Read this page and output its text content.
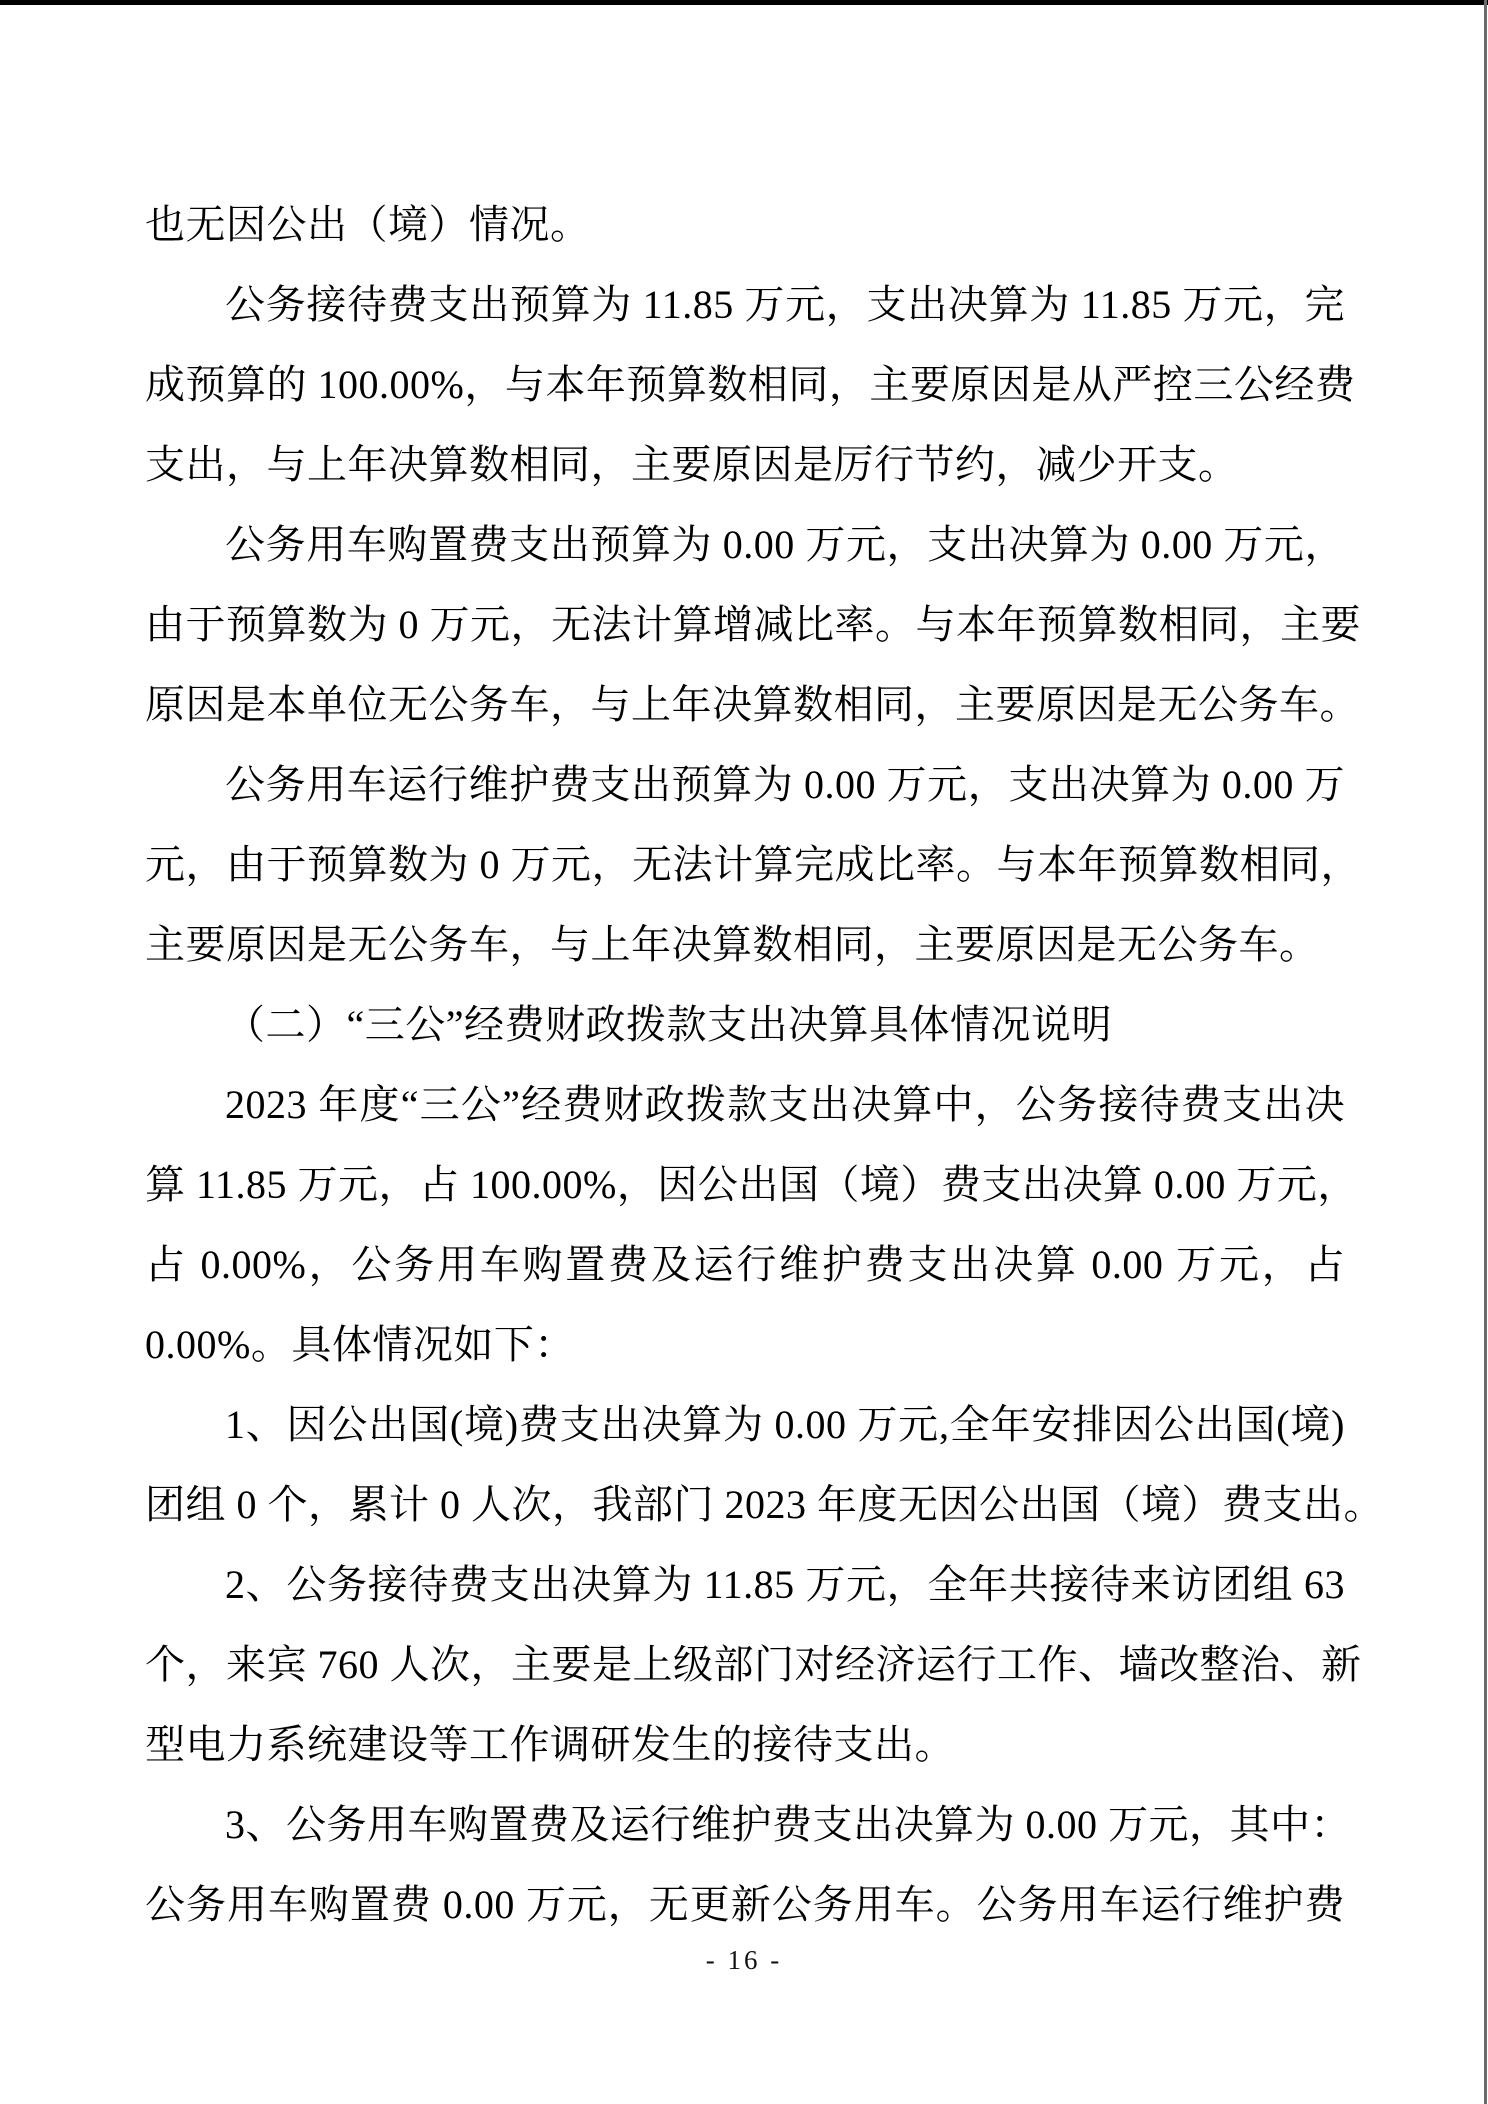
也无因公出（境）情况。
公务接待费支出预算为 11.85 万元，支出决算为 11.85 万元，完
成预算的 100.00%，与本年预算数相同，主要原因是从严控三公经费
支出，与上年决算数相同，主要原因是厉行节约，减少开支。
公务用车购置费支出预算为 0.00 万元，支出决算为 0.00 万元，
由于预算数为 0 万元，无法计算增减比率。与本年预算数相同，主要
原因是本单位无公务车，与上年决算数相同，主要原因是无公务车。
公务用车运行维护费支出预算为 0.00 万元，支出决算为 0.00 万
元，由于预算数为 0 万元，无法计算完成比率。与本年预算数相同，
主要原因是无公务车，与上年决算数相同，主要原因是无公务车。
（二）“三公”经费财政拨款支出决算具体情况说明
2023 年度“三公”经费财政拨款支出决算中，公务接待费支出决
算 11.85 万元，占 100.00%，因公出国（境）费支出决算 0.00 万元，
占 0.00%，公务用车购置费及运行维护费支出决算 0.00 万元，占
0.00%。具体情况如下：
1、因公出国(境)费支出决算为 0.00 万元,全年安排因公出国(境)
团组 0 个，累计 0 人次，我部门 2023 年度无因公出国（境）费支出。
2、公务接待费支出决算为 11.85 万元，全年共接待来访团组 63
个，来宾 760 人次，主要是上级部门对经济运行工作、墙改整治、新
型电力系统建设等工作调研发生的接待支出。
3、公务用车购置费及运行维护费支出决算为 0.00 万元，其中：
公务用车购置费 0.00 万元，无更新公务用车。公务用车运行维护费
- 16 -
